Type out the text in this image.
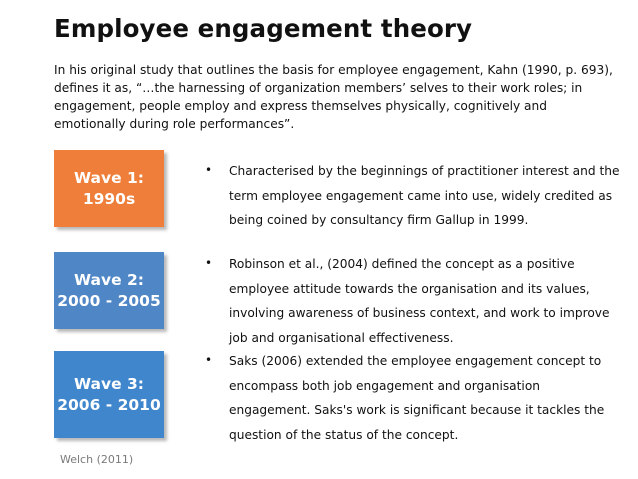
Employee engagement theory
In his original study that outlines the basis for employee engagement, Kahn (1990, p. 693), defines it as, “…the harnessing of organization members’ selves to their work roles; in engagement, people employ and express themselves physically, cognitively and emotionally during role performances”.
Wave 1:
1990s
Wave 2:
2000 - 2005
Wave 3:
2006 - 2010
•	Characterised by the beginnings of practitioner interest and the term employee engagement came into use, widely credited as being coined by consultancy firm Gallup in 1999.
•	Robinson et al., (2004) defined the concept as a positive employee attitude towards the organisation and its values, involving awareness of business context, and work to improve job and organisational effectiveness.
•	Saks (2006) extended the employee engagement concept to encompass both job engagement and organisation engagement. Saks's work is significant because it tackles the question of the status of the concept.
Welch (2011)
